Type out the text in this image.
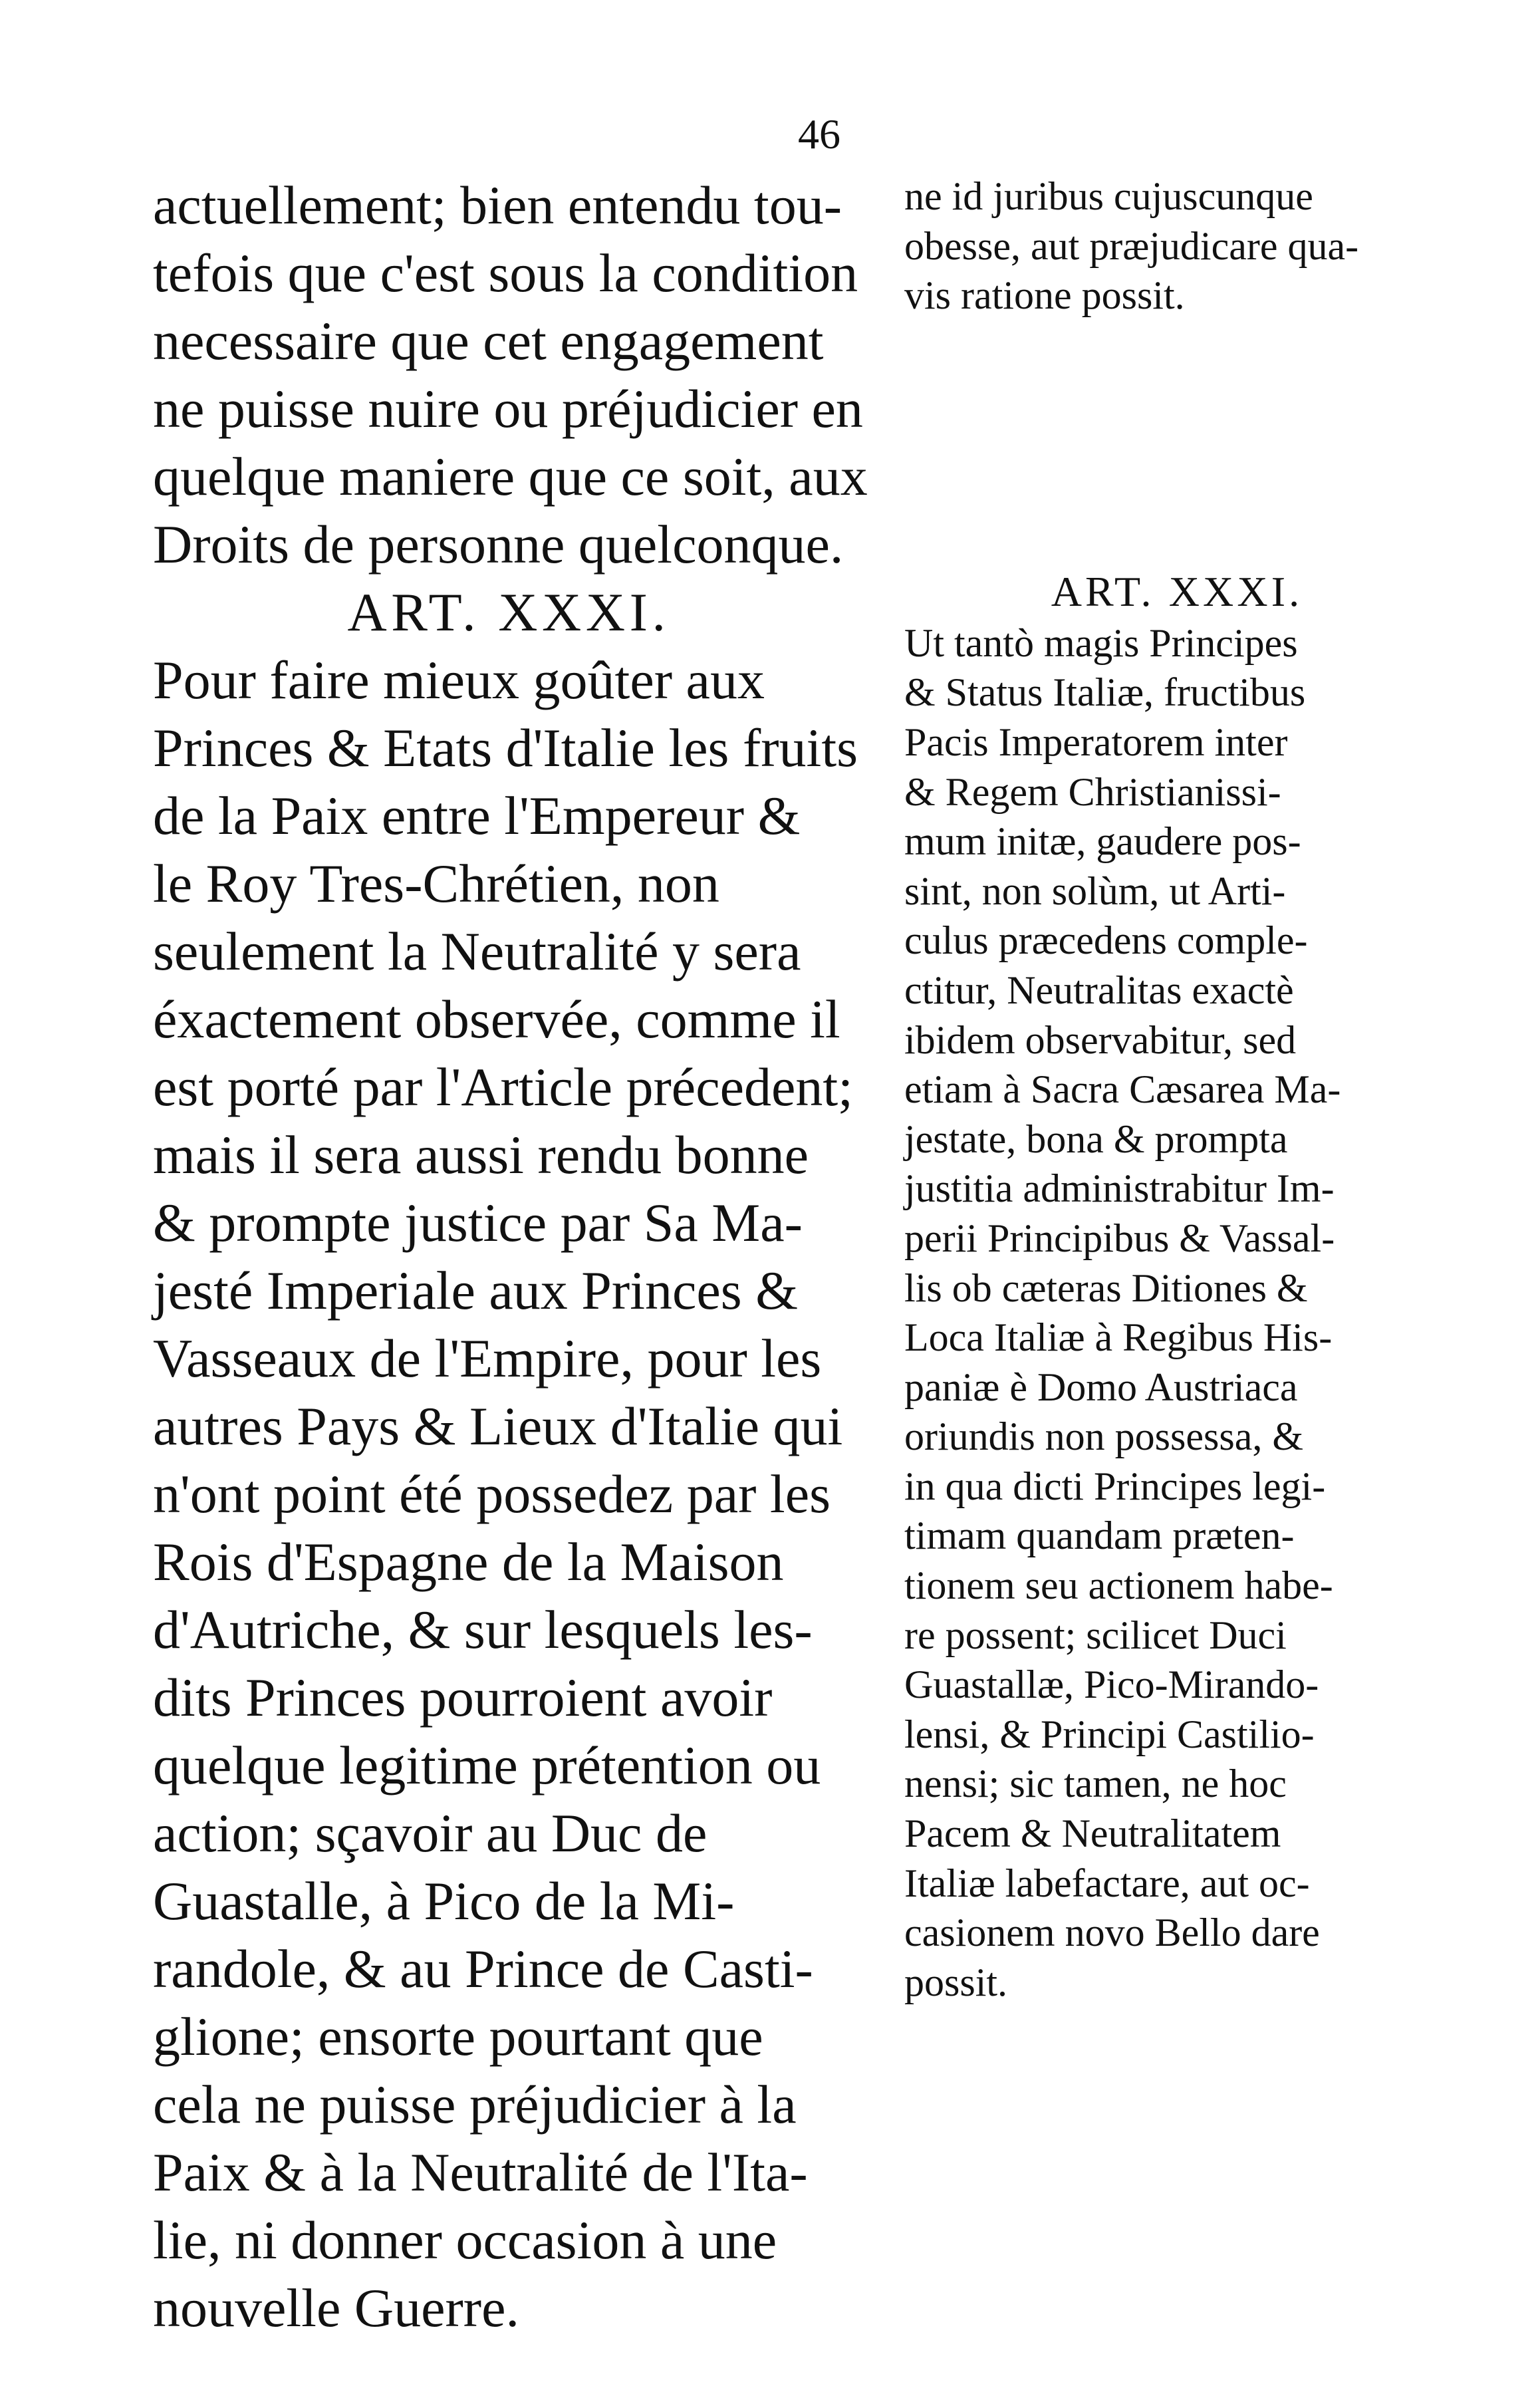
46

actuellement; bien entendu tou-

tefois que c'est sous la condition

necessaire que cet engagement

ne puisse nuire ou préjudicier en

quelque maniere que ce soit, aux

Droits de personne quelconque.

ART. XXXI.

Pour faire mieux goûter aux

Princes & Etats d'Italie les fruits

de la Paix entre l'Empereur &

le Roy Tres-Chrétien, non

seulement la Neutralité y sera

éxactement observée, comme il

est porté par l'Article précedent;

mais il sera aussi rendu bonne

& prompte justice par Sa Ma-

jesté Imperiale aux Princes &

Vasseaux de l'Empire, pour les

autres Pays & Lieux d'Italie qui

n'ont point été possedez par les

Rois d'Espagne de la Maison

d'Autriche, & sur lesquels les-

dits Princes pourroient avoir

quelque legitime prétention ou

action; sçavoir au Duc de

Guastalle, à Pico de la Mi-

randole, & au Prince de Casti-

glione; ensorte pourtant que

cela ne puisse préjudicier à la

Paix & à la Neutralité de l'Ita-

lie, ni donner occasion à une

nouvelle Guerre.

ne id juribus cujuscunque

obesse, aut præjudicare qua-

vis ratione possit.

ART. XXXI.

Ut tantò magis Principes

& Status Italiæ, fructibus

Pacis Imperatorem inter

& Regem Christianissi-

mum initæ, gaudere pos-

sint, non solùm, ut Arti-

culus præcedens comple-

ctitur, Neutralitas exactè

ibidem observabitur, sed

etiam à Sacra Cæsarea Ma-

jestate, bona & prompta

justitia administrabitur Im-

perii Principibus & Vassal-

lis ob cæteras Ditiones &

Loca Italiæ à Regibus His-

paniæ è Domo Austriaca

oriundis non possessa, &

in qua dicti Principes legi-

timam quandam præten-

tionem seu actionem habe-

re possent; scilicet Duci

Guastallæ, Pico-Mirando-

lensi, & Principi Castilio-

nensi; sic tamen, ne hoc

Pacem & Neutralitatem

Italiæ labefactare, aut oc-

casionem novo Bello dare

possit.
